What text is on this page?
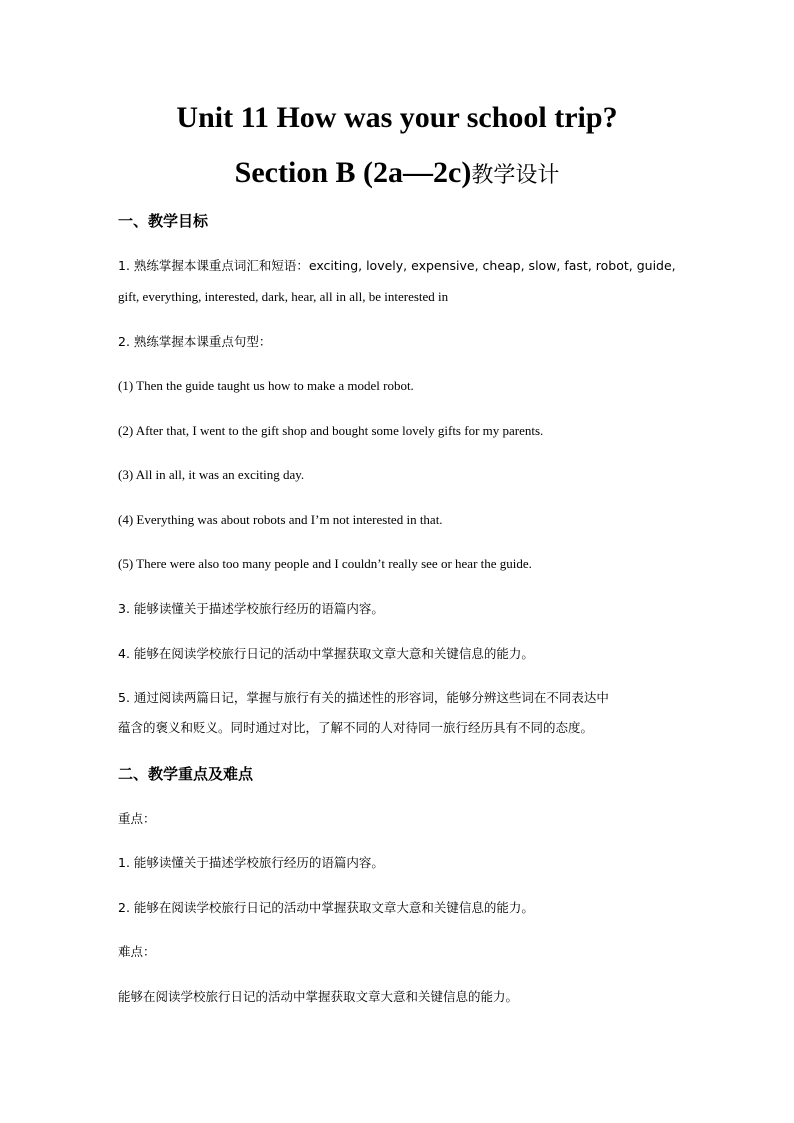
Unit 11 How was your school trip?
Section B (2a—2c)教学设计
一、教学目标
1. 熟练掌握本课重点词汇和短语：exciting, lovely, expensive, cheap, slow, fast, robot, guide,
gift, everything, interested, dark, hear, all in all, be interested in
2. 熟练掌握本课重点句型：
(1) Then the guide taught us how to make a model robot.
(2) After that, I went to the gift shop and bought some lovely gifts for my parents.
(3) All in all, it was an exciting day.
(4) Everything was about robots and I’m not interested in that.
(5) There were also too many people and I couldn’t really see or hear the guide.
3. 能够读懂关于描述学校旅行经历的语篇内容。
4. 能够在阅读学校旅行日记的活动中掌握获取文章大意和关键信息的能力。
5. 通过阅读两篇日记，掌握与旅行有关的描述性的形容词，能够分辨这些词在不同表达中
蕴含的褒义和贬义。同时通过对比，了解不同的人对待同一旅行经历具有不同的态度。
二、教学重点及难点
重点：
1. 能够读懂关于描述学校旅行经历的语篇内容。
2. 能够在阅读学校旅行日记的活动中掌握获取文章大意和关键信息的能力。
难点：
能够在阅读学校旅行日记的活动中掌握获取文章大意和关键信息的能力。
